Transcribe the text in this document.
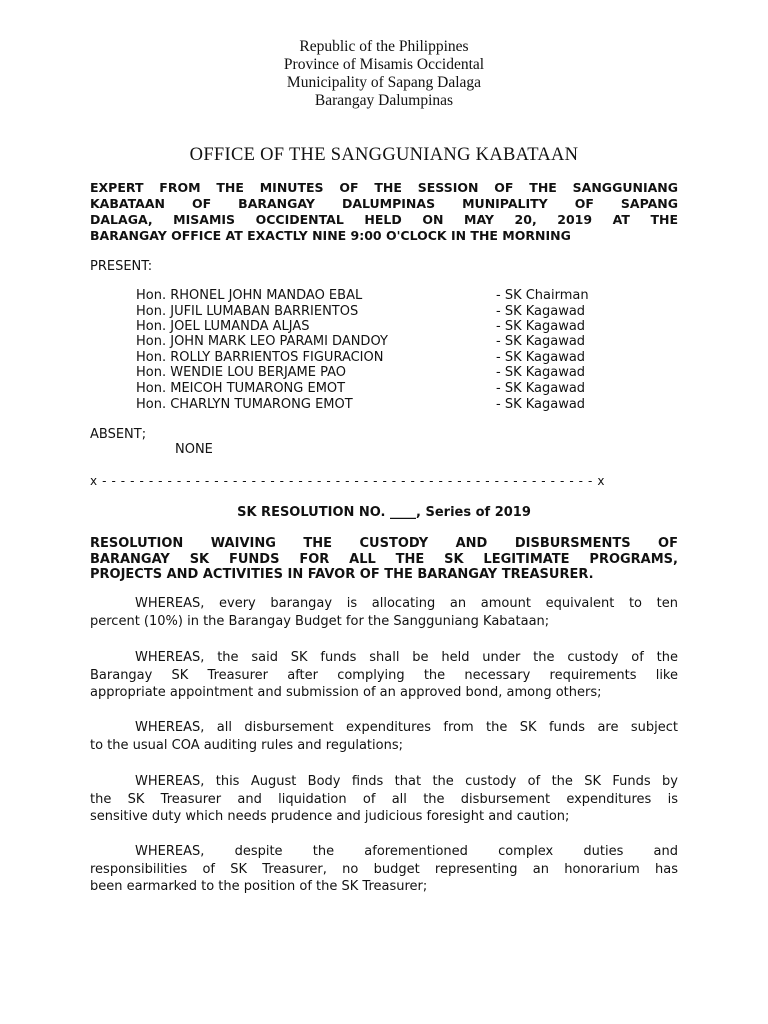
Republic of the Philippines
Province of Misamis Occidental
Municipality of Sapang Dalaga
Barangay Dalumpinas
OFFICE OF THE SANGGUNIANG KABATAAN
EXPERT FROM THE MINUTES OF THE SESSION OF THE SANGGUNIANG
KABATAAN OF BARANGAY DALUMPINAS MUNIPALITY OF SAPANG
DALAGA, MISAMIS OCCIDENTAL HELD ON MAY 20, 2019 AT THE
BARANGAY OFFICE AT EXACTLY NINE 9:00 O'CLOCK IN THE MORNING
PRESENT:
Hon. RHONEL JOHN MANDAO EBAL	- SK Chairman
Hon. JUFIL LUMABAN BARRIENTOS	- SK Kagawad
Hon. JOEL LUMANDA ALJAS	- SK Kagawad
Hon. JOHN MARK LEO PARAMI DANDOY	- SK Kagawad
Hon. ROLLY BARRIENTOS FIGURACION	- SK Kagawad
Hon. WENDIE LOU BERJAME PAO	- SK Kagawad
Hon. MEICOH TUMARONG EMOT	- SK Kagawad
Hon. CHARLYN TUMARONG EMOT	- SK Kagawad
ABSENT;
NONE
x - - - - - - - - - - - - - - - - - - - - - - - - - - - - - - - - - - - - - - - - - - - - - - - - - - - - - x
SK RESOLUTION NO. ____, Series of 2019
RESOLUTION WAIVING THE CUSTODY AND DISBURSMENTS OF
BARANGAY SK FUNDS FOR ALL THE SK LEGITIMATE PROGRAMS,
PROJECTS AND ACTIVITIES IN FAVOR OF THE BARANGAY TREASURER.
WHEREAS, every barangay is allocating an amount equivalent to ten
percent (10%) in the Barangay Budget for the Sangguniang Kabataan;
WHEREAS, the said SK funds shall be held under the custody of the
Barangay SK Treasurer after complying the necessary requirements like
appropriate appointment and submission of an approved bond, among others;
WHEREAS, all disbursement expenditures from the SK funds are subject
to the usual COA auditing rules and regulations;
WHEREAS, this August Body finds that the custody of the SK Funds by
the SK Treasurer and liquidation of all the disbursement expenditures is
sensitive duty which needs prudence and judicious foresight and caution;
WHEREAS, despite the aforementioned complex duties and
responsibilities of SK Treasurer, no budget representing an honorarium has
been earmarked to the position of the SK Treasurer;
